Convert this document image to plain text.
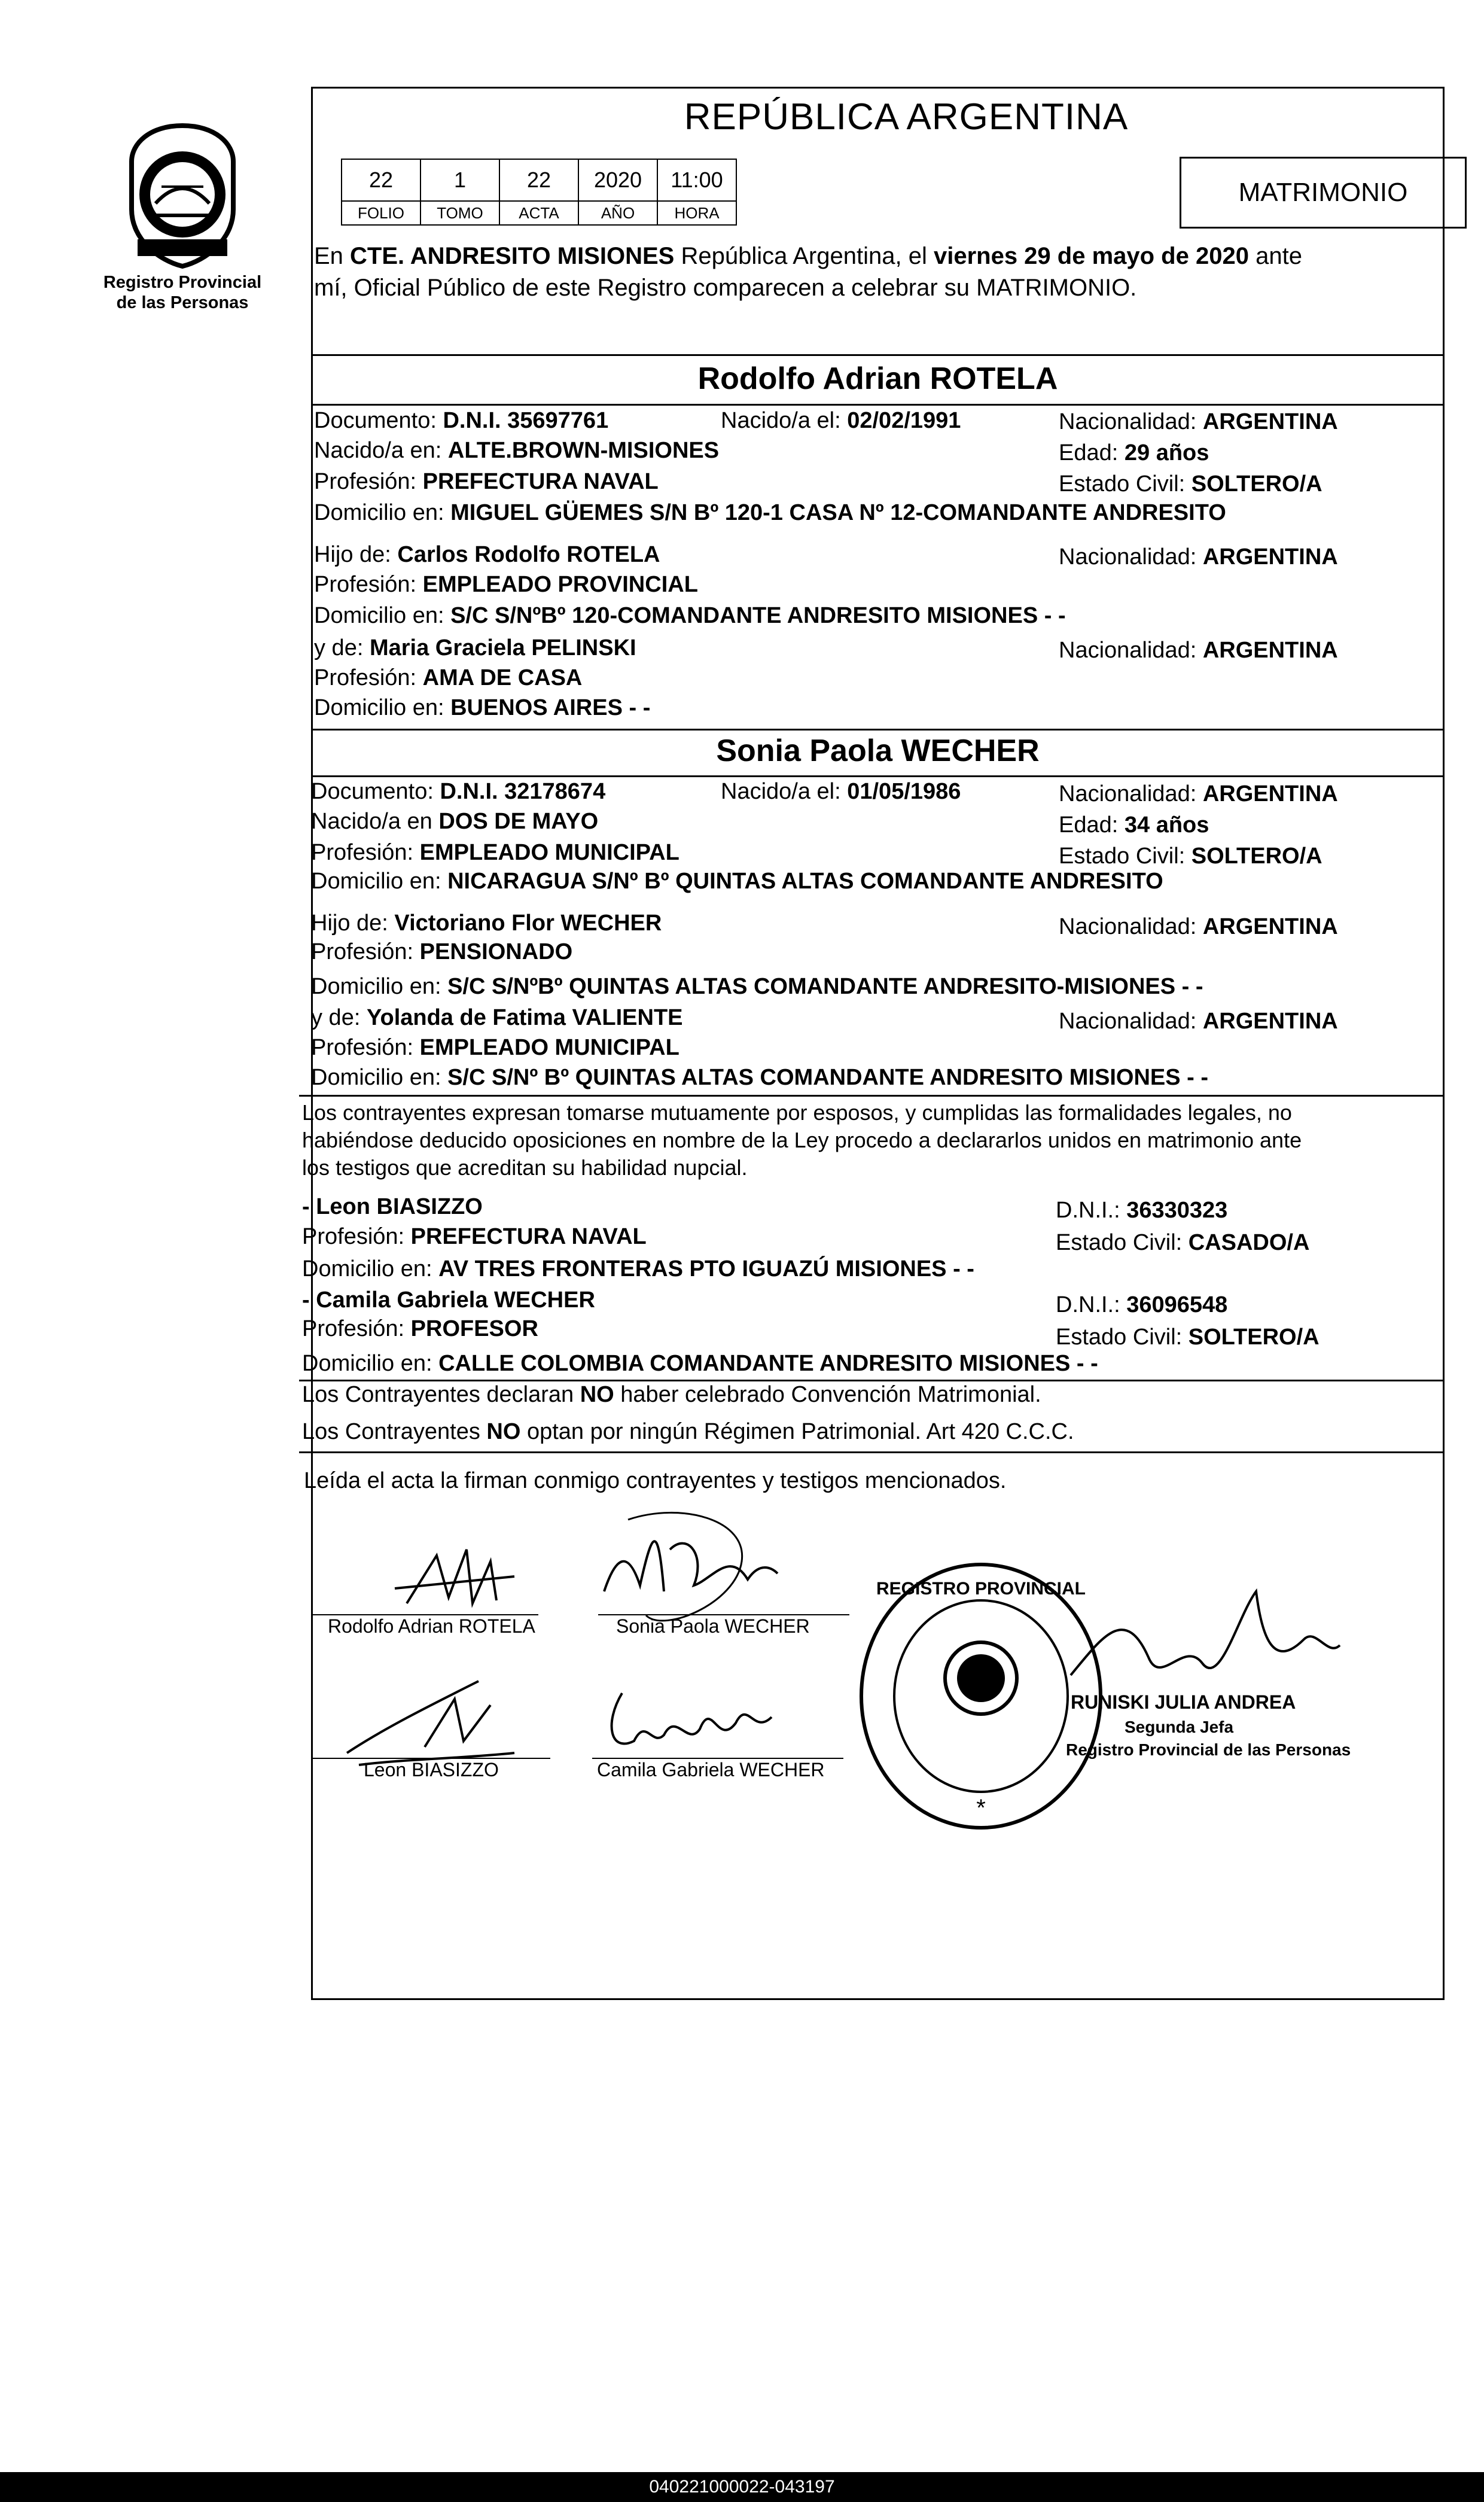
Registro Provincial
de las Personas
REPÚBLICA ARGENTINA
22	1	22	2020	11:00
FOLIO	TOMO	ACTA	AÑO	HORA
MATRIMONIO
En CTE. ANDRESITO MISIONES República Argentina, el viernes 29 de mayo de 2020 ante
mí, Oficial Público de este Registro comparecen a celebrar su MATRIMONIO.
Rodolfo Adrian ROTELA
Documento: D.N.I. 35697761	Nacido/a el: 02/02/1991	Nacionalidad: ARGENTINA
Nacido/a en: ALTE.BROWN-MISIONES	Edad: 29 años
Profesión: PREFECTURA NAVAL	Estado Civil: SOLTERO/A
Domicilio en: MIGUEL GÜEMES S/N Bº 120-1 CASA Nº 12-COMANDANTE ANDRESITO
Hijo de: Carlos Rodolfo ROTELA	Nacionalidad: ARGENTINA
Profesión: EMPLEADO PROVINCIAL
Domicilio en: S/C S/NºBº 120-COMANDANTE ANDRESITO MISIONES - -
y de: Maria Graciela PELINSKI	Nacionalidad: ARGENTINA
Profesión: AMA DE CASA
Domicilio en: BUENOS AIRES - -
Sonia Paola WECHER
Documento: D.N.I. 32178674	Nacido/a el: 01/05/1986	Nacionalidad: ARGENTINA
Nacido/a en DOS DE MAYO	Edad: 34 años
Profesión: EMPLEADO MUNICIPAL	Estado Civil: SOLTERO/A
Domicilio en: NICARAGUA S/Nº Bº QUINTAS ALTAS COMANDANTE ANDRESITO
Hijo de: Victoriano Flor WECHER	Nacionalidad: ARGENTINA
Profesión: PENSIONADO
Domicilio en: S/C S/NºBº QUINTAS ALTAS COMANDANTE ANDRESITO-MISIONES - -
y de: Yolanda de Fatima VALIENTE	Nacionalidad: ARGENTINA
Profesión: EMPLEADO MUNICIPAL
Domicilio en: S/C S/Nº Bº QUINTAS ALTAS COMANDANTE ANDRESITO MISIONES - -
Los contrayentes expresan tomarse mutuamente por esposos, y cumplidas las formalidades legales, no
habiéndose deducido oposiciones en nombre de la Ley procedo a declararlos unidos en matrimonio ante
los testigos que acreditan su habilidad nupcial.
- Leon BIASIZZO	D.N.I.: 36330323
Profesión: PREFECTURA NAVAL	Estado Civil: CASADO/A
Domicilio en: AV TRES FRONTERAS PTO IGUAZÚ MISIONES - -
- Camila Gabriela WECHER	D.N.I.: 36096548
Profesión: PROFESOR	Estado Civil: SOLTERO/A
Domicilio en: CALLE COLOMBIA COMANDANTE ANDRESITO MISIONES - -
Los Contrayentes declaran NO haber celebrado Convención Matrimonial.
Los Contrayentes NO optan por ningún Régimen Patrimonial. Art 420 C.C.C.
Leída el acta la firman conmigo contrayentes y testigos mencionados.
Rodolfo Adrian ROTELA	Sonia Paola WECHER
Leon BIASIZZO	Camila Gabriela WECHER
REGISTRO PROVINCIAL
*
RUNISKI JULIA ANDREA
Segunda Jefa
Registro Provincial de las Personas
040221000022-043197
